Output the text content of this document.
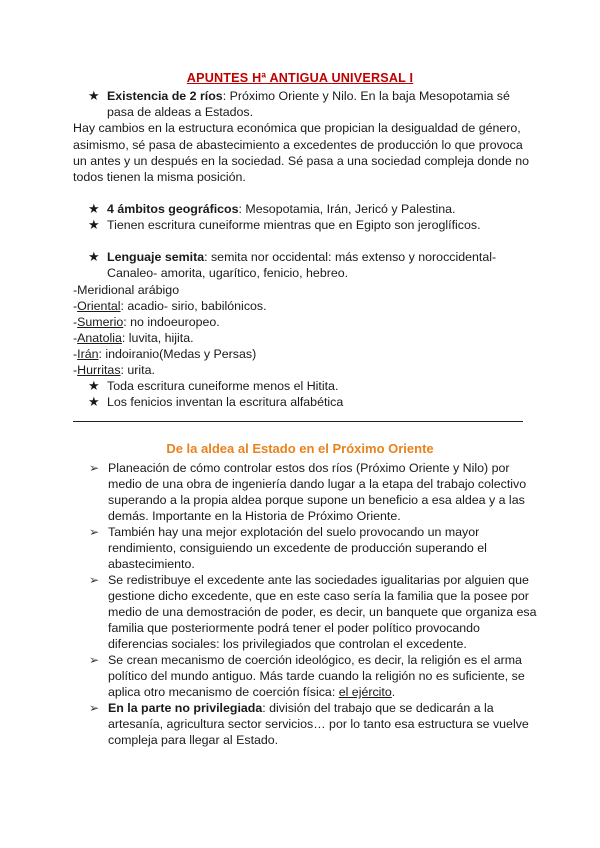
APUNTES Hª ANTIGUA UNIVERSAL I
★ Existencia de 2 ríos: Próximo Oriente y Nilo. En la baja Mesopotamia sé
pasa de aldeas a Estados.
Hay cambios en la estructura económica que propician la desigualdad de género,
asimismo, sé pasa de abastecimiento a excedentes de producción lo que provoca
un antes y un después en la sociedad. Sé pasa a una sociedad compleja donde no
todos tienen la misma posición.
★ 4 ámbitos geográficos: Mesopotamia, Irán, Jericó y Palestina.
★ Tienen escritura cuneiforme mientras que en Egipto son jeroglíficos.
★ Lenguaje semita: semita nor occidental: más extenso y noroccidental-
Canaleo- amorita, ugarítico, fenicio, hebreo.
-Meridional arábigo
-Oriental: acadio- sirio, babilónicos.
-Sumerio: no indoeuropeo.
-Anatolia: luvita, hijita.
-Irán: indoiranio(Medas y Persas)
-Hurritas: urita.
★ Toda escritura cuneiforme menos el Hitita.
★ Los fenicios inventan la escritura alfabética
De la aldea al Estado en el Próximo Oriente
➢ Planeación de cómo controlar estos dos ríos (Próximo Oriente y Nilo) por
medio de una obra de ingeniería dando lugar a la etapa del trabajo colectivo
superando a la propia aldea porque supone un beneficio a esa aldea y a las
demás. Importante en la Historia de Próximo Oriente.
➢ También hay una mejor explotación del suelo provocando un mayor
rendimiento, consiguiendo un excedente de producción superando el
abastecimiento.
➢ Se redistribuye el excedente ante las sociedades igualitarias por alguien que
gestione dicho excedente, que en este caso sería la familia que la posee por
medio de una demostración de poder, es decir, un banquete que organiza esa
familia que posteriormente podrá tener el poder político provocando
diferencias sociales: los privilegiados que controlan el excedente.
➢ Se crean mecanismo de coerción ideológico, es decir, la religión es el arma
político del mundo antiguo. Más tarde cuando la religión no es suficiente, se
aplica otro mecanismo de coerción física: el ejército.
➢ En la parte no privilegiada: división del trabajo que se dedicarán a la
artesanía, agricultura sector servicios… por lo tanto esa estructura se vuelve
compleja para llegar al Estado.
